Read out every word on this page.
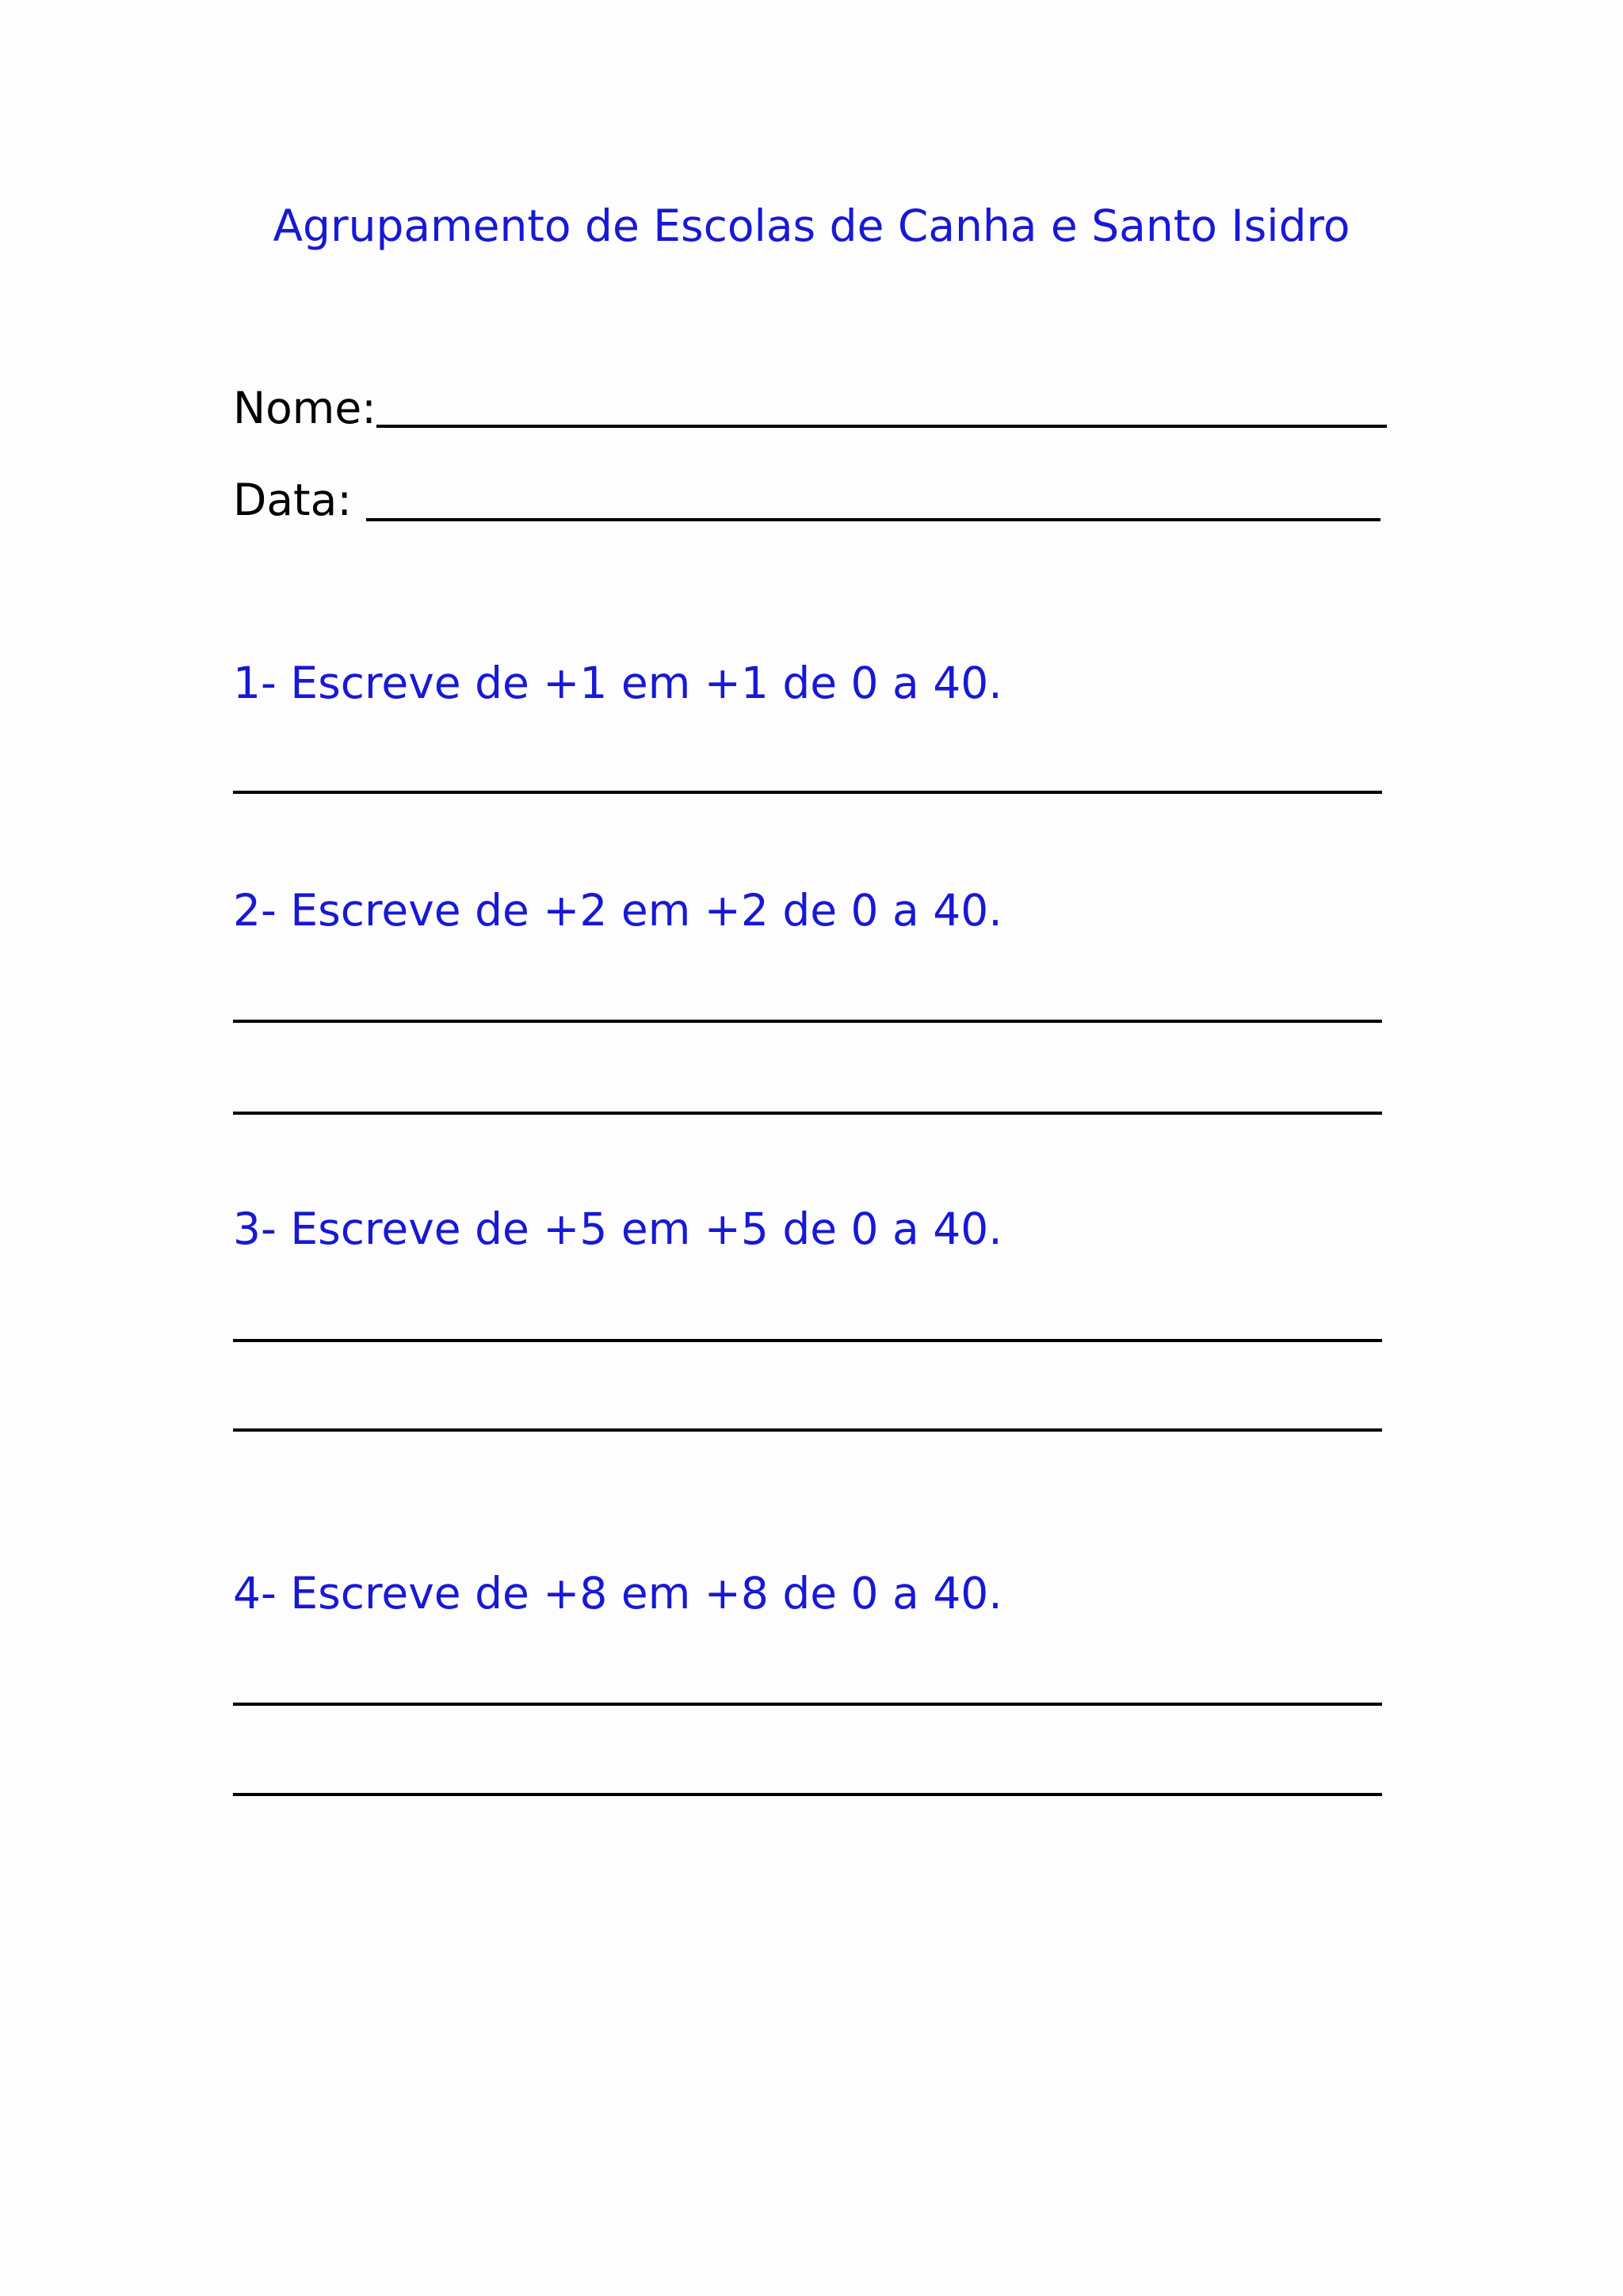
Agrupamento de Escolas de Canha e Santo Isidro
Nome:
Data:
1- Escreve de +1 em +1 de 0 a 40.
2- Escreve de +2 em +2 de 0 a 40.
3- Escreve de +5 em +5 de 0 a 40.
4- Escreve de +8 em +8 de 0 a 40.
